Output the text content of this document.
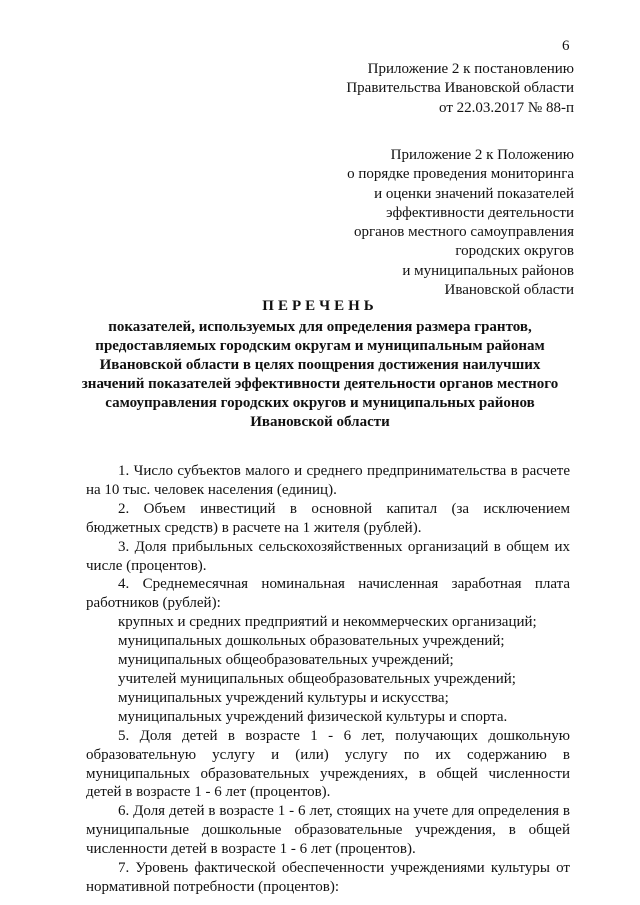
6
Приложение 2 к постановлению
Правительства Ивановской области
от 22.03.2017 № 88-п
Приложение 2 к Положению
о порядке проведения мониторинга
и оценки значений показателей
эффективности деятельности
органов местного самоуправления
городских округов
и муниципальных районов
Ивановской области
ПЕРЕЧЕНЬ
показателей, используемых для определения размера грантов,
предоставляемых городским округам и муниципальным районам
Ивановской области в целях поощрения достижения наилучших
значений показателей эффективности деятельности органов местного
самоуправления городских округов и муниципальных районов
Ивановской области

1. Число субъектов малого и среднего предпринимательства в расчете на 10 тыс. человек населения (единиц).

2. Объем инвестиций в основной капитал (за исключением бюджетных средств) в расчете на 1 жителя (рублей).

3. Доля прибыльных сельскохозяйственных организаций в общем их числе (процентов).

4. Среднемесячная номинальная начисленная заработная плата работников (рублей):

крупных и средних предприятий и некоммерческих организаций;

муниципальных дошкольных образовательных учреждений;

муниципальных общеобразовательных учреждений;

учителей муниципальных общеобразовательных учреждений;

муниципальных учреждений культуры и искусства;

муниципальных учреждений физической культуры и спорта.

5. Доля детей в возрасте 1 - 6 лет, получающих дошкольную образовательную услугу и (или) услугу по их содержанию в муниципальных образовательных учреждениях, в общей численности детей в возрасте 1 - 6 лет (процентов).

6. Доля детей в возрасте 1 - 6 лет, стоящих на учете для определения в муниципальные дошкольные образовательные учреждения, в общей численности детей в возрасте 1 - 6 лет (процентов).

7. Уровень фактической обеспеченности учреждениями культуры от нормативной потребности (процентов):
